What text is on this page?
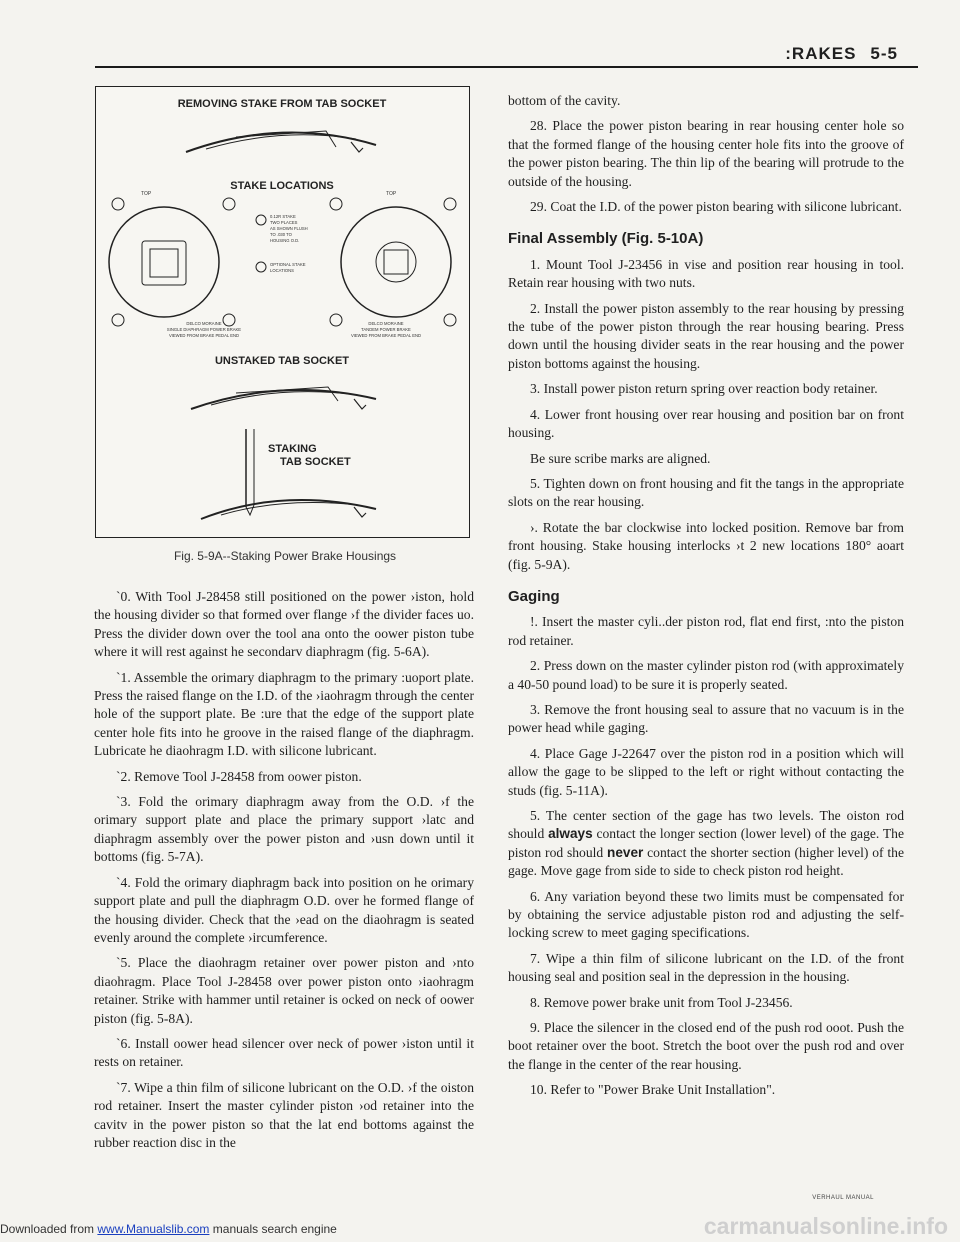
:RAKES 5-5
REMOVING STAKE FROM TAB SOCKET
STAKE LOCATIONS
TOP	TOP
0.12R STAKE TWO PLACES AS SHOWN FLUSH TO .030 TO HOUSING O.D.
OPTIONAL STAKE LOCATIONS
DELCO MORAINE SINGLE DIAPHRAGM POWER BRAKE VIEWED FROM BRAKE PEDAL END
DELCO MORAINE TANDEM POWER BRAKE VIEWED FROM BRAKE PEDAL END
UNSTAKED TAB SOCKET
STAKING
TAB SOCKET
Fig. 5-9A--Staking Power Brake Housings

`0. With Tool J-28458 still positioned on the power ›iston, hold the housing divider so that formed over flange ›f the divider faces uo. Press the divider down over the tool ana onto the oower piston tube where it will rest against he secondarv diaphragm (fig. 5-6A).

`1. Assemble the orimary diaphragm to the primary :uoport plate. Press the raised flange on the I.D. of the ›iaohragm through the center hole of the support plate. Be :ure that the edge of the support plate center hole fits into he groove in the raised flange of the diaphragm. Lubricate he diaohragm I.D. with silicone lubricant.

`2. Remove Tool J-28458 from oower piston.

`3. Fold the orimary diaphragm away from the O.D. ›f the orimary support plate and place the primary support ›latc and diaphragm assembly over the power piston and ›usn down until it bottoms (fig. 5-7A).

`4. Fold the orimary diaphragm back into position on he orimary support plate and pull the diaphragm O.D. over he formed flange of the housing divider. Check that the ›ead on the diaohragm is seated evenly around the complete ›ircumference.

`5. Place the diaohragm retainer over power piston and ›nto diaohragm. Place Tool J-28458 over power piston onto ›iaohragm retainer. Strike with hammer until retainer is ocked on neck of oower piston (fig. 5-8A).

`6. Install oower head silencer over neck of power ›iston until it rests on retainer.

`7. Wipe a thin film of silicone lubricant on the O.D. ›f the oiston rod retainer. Insert the master cylinder piston ›od retainer into the cavitv in the power piston so that the lat end bottoms against the rubber reaction disc in the

bottom of the cavity.

28. Place the power piston bearing in rear housing center hole so that the formed flange of the housing center hole fits into the groove of the power piston bearing. The thin lip of the bearing will protrude to the outside of the housing.

29. Coat the I.D. of the power piston bearing with silicone lubricant.

Final Assembly (Fig. 5-10A)

1. Mount Tool J-23456 in vise and position rear housing in tool. Retain rear housing with two nuts.

2. Install the power piston assembly to the rear housing by pressing the tube of the power piston through the rear housing bearing. Press down until the housing divider seats in the rear housing and the power piston bottoms against the housing.

3. Install power piston return spring over reaction body retainer.

4. Lower front housing over rear housing and position bar on front housing.

Be sure scribe marks are aligned.

5. Tighten down on front housing and fit the tangs in the appropriate slots on the rear housing.

›. Rotate the bar clockwise into locked position. Remove bar from front housing. Stake housing interlocks ›t 2 new locations 180° aoart (fig. 5-9A).

Gaging

!. Insert the master cyli..der piston rod, flat end first, :nto the piston rod retainer.

2. Press down on the master cylinder piston rod (with approximately a 40-50 pound load) to be sure it is properly seated.

3. Remove the front housing seal to assure that no vacuum is in the power head while gaging.

4. Place Gage J-22647 over the piston rod in a position which will allow the gage to be slipped to the left or right without contacting the studs (fig. 5-11A).

5. The center section of the gage has two levels. The oiston rod should always contact the longer section (lower level) of the gage. The piston rod should never contact the shorter section (higher level) of the gage. Move gage from side to side to check piston rod height.

6. Any variation beyond these two limits must be compensated for by obtaining the service adjustable piston rod and adjusting the self-locking screw to meet gaging specifications.

7. Wipe a thin film of silicone lubricant on the I.D. of the front housing seal and position seal in the depression in the housing.

8. Remove power brake unit from Tool J-23456.

9. Place the silencer in the closed end of the push rod ooot. Push the boot retainer over the boot. Stretch the boot over the push rod and over the flange in the center of the rear housing.

10. Refer to "Power Brake Unit Installation".

VERHAUL MANUAL
carmanualsonline.info
Downloaded from www.Manualslib.com manuals search engine
